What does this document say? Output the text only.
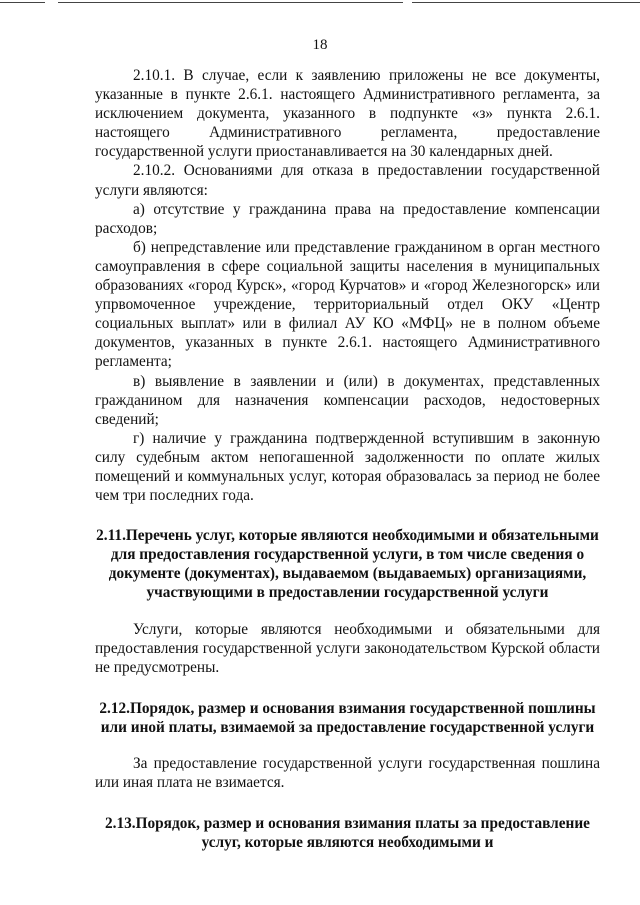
18

2.10.1. В случае, если к заявлению приложены не все документы, указанные в пункте 2.6.1. настоящего Административного регламента, за исключением документа, указанного в подпункте «з» пункта 2.6.1. настоящего Административного регламента, предоставление государственной услуги приостанавливается на 30 календарных дней.

2.10.2. Основаниями для отказа в предоставлении государственной услуги являются:

а) отсутствие у гражданина права на предоставление компенсации расходов;

б) непредставление или представление гражданином в орган местного самоуправления в сфере социальной защиты населения в муниципальных образованиях «город Курск», «город Курчатов» и «город Железногорск» или упрвомоченное учреждение, территориальный отдел ОКУ «Центр социальных выплат» или в филиал АУ КО «МФЦ» не в полном объеме документов, указанных в пункте 2.6.1. настоящего Административного регламента;

в) выявление в заявлении и (или) в документах, представленных гражданином для назначения компенсации расходов, недостоверных сведений;

г) наличие у гражданина подтвержденной вступившим в законную силу судебным актом непогашенной задолженности по оплате жилых помещений и коммунальных услуг, которая образовалась за период не более чем три последних года.

2.11.Перечень услуг, которые являются необходимыми и обязательными для предоставления государственной услуги, в том числе сведения о документе (документах), выдаваемом (выдаваемых) организациями, участвующими в предоставлении государственной услуги

Услуги, которые являются необходимыми и обязательными для предоставления государственной услуги законодательством Курской области не предусмотрены.

2.12.Порядок, размер и основания взимания государственной пошлины или иной платы, взимаемой за предоставление государственной услуги

За предоставление государственной услуги государственная пошлина или иная плата не взимается.

2.13.Порядок, размер и основания взимания платы за предоставление услуг, которые являются необходимыми и
